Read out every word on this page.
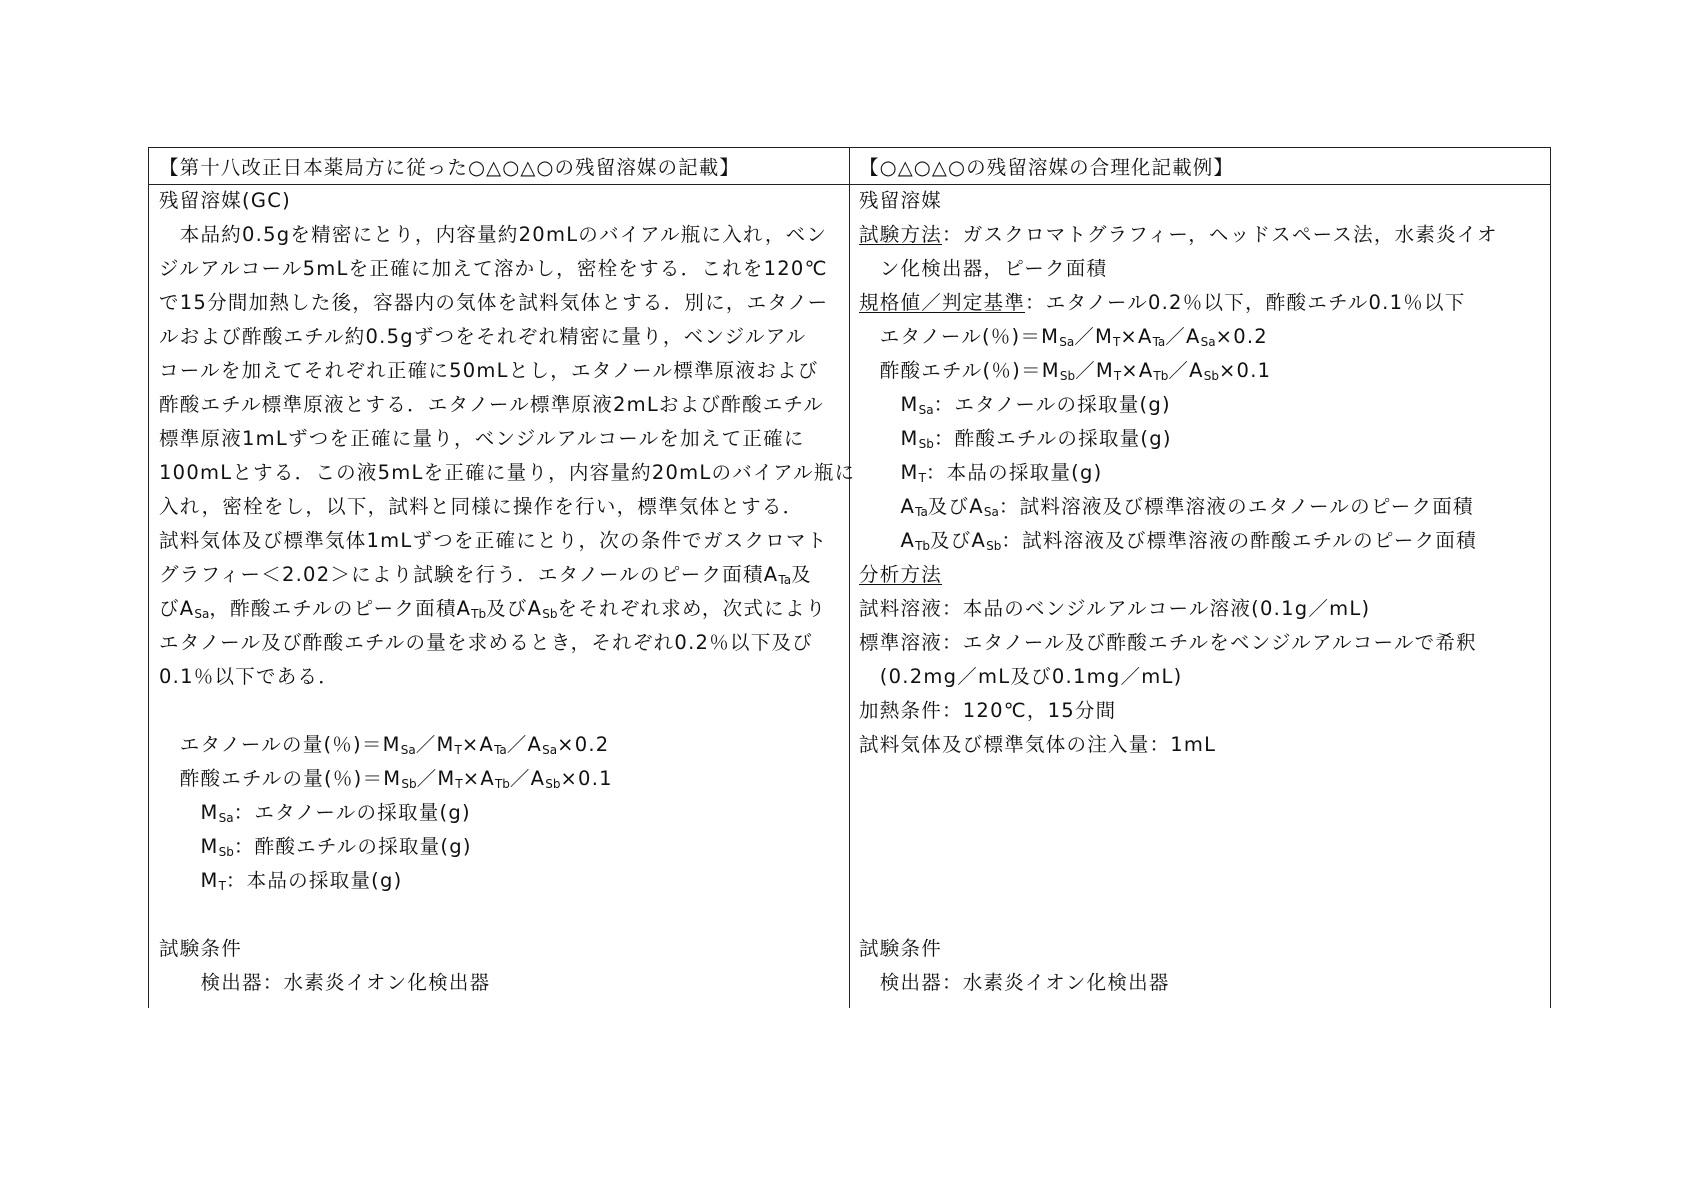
【第十八改正日本薬局方に従った○△○△○の残留溶媒の記載】
残留溶媒(GC)
　本品約0.5gを精密にとり，内容量約20mLのバイアル瓶に入れ，ベン
ジルアルコール5mLを正確に加えて溶かし，密栓をする．これを120℃
で15分間加熱した後，容器内の気体を試料気体とする．別に，エタノー
ルおよび酢酸エチル約0.5gずつをそれぞれ精密に量り，ベンジルアル
コールを加えてそれぞれ正確に50mLとし，エタノール標準原液および
酢酸エチル標準原液とする．エタノール標準原液2mLおよび酢酸エチル
標準原液1mLずつを正確に量り，ベンジルアルコールを加えて正確に
100mLとする．この液5mLを正確に量り，内容量約20mLのバイアル瓶に
入れ，密栓をし，以下，試料と同様に操作を行い，標準気体とする．
試料気体及び標準気体1mLずつを正確にとり，次の条件でガスクロマト
グラフィー＜2.02＞により試験を行う．エタノールのピーク面積$A_{Ta}$及
び$A_{Sa}$，酢酸エチルのピーク面積$A_{Tb}$及び$A_{Sb}$をそれぞれ求め，次式により
エタノール及び酢酸エチルの量を求めるとき，それぞれ0.2％以下及び
0.1％以下である．
　エタノールの量(％)$=M_{Sa}/M_T\times A_{Ta}/A_{Sa}\times 0.2$
　酢酸エチルの量(％)$=M_{Sb}/M_T\times A_{Tb}/A_{Sb}\times 0.1$
　　$M_{Sa}$：エタノールの採取量(g)
　　$M_{Sb}$：酢酸エチルの採取量(g)
　　$M_T$：本品の採取量(g)
試験条件
　　検出器：水素炎イオン化検出器
【○△○△○の残留溶媒の合理化記載例】
残留溶媒
試験方法：ガスクロマトグラフィー，ヘッドスペース法，水素炎イオ
　ン化検出器，ピーク面積
規格値／判定基準：エタノール0.2％以下，酢酸エチル0.1％以下
　エタノール(％)$=M_{Sa}/M_T\times A_{Ta}/A_{Sa}\times 0.2$
　酢酸エチル(％)$=M_{Sb}/M_T\times A_{Tb}/A_{Sb}\times 0.1$
　　$M_{Sa}$：エタノールの採取量(g)
　　$M_{Sb}$：酢酸エチルの採取量(g)
　　$M_T$：本品の採取量(g)
　　$A_{Ta}$及び$A_{Sa}$：試料溶液及び標準溶液のエタノールのピーク面積
　　$A_{Tb}$及び$A_{Sb}$：試料溶液及び標準溶液の酢酸エチルのピーク面積
分析方法
試料溶液：本品のベンジルアルコール溶液(0.1g／mL)
標準溶液：エタノール及び酢酸エチルをベンジルアルコールで希釈
　(0.2mg／mL及び0.1mg／mL)
加熱条件：120℃，15分間
試料気体及び標準気体の注入量：1mL
試験条件
　検出器：水素炎イオン化検出器
